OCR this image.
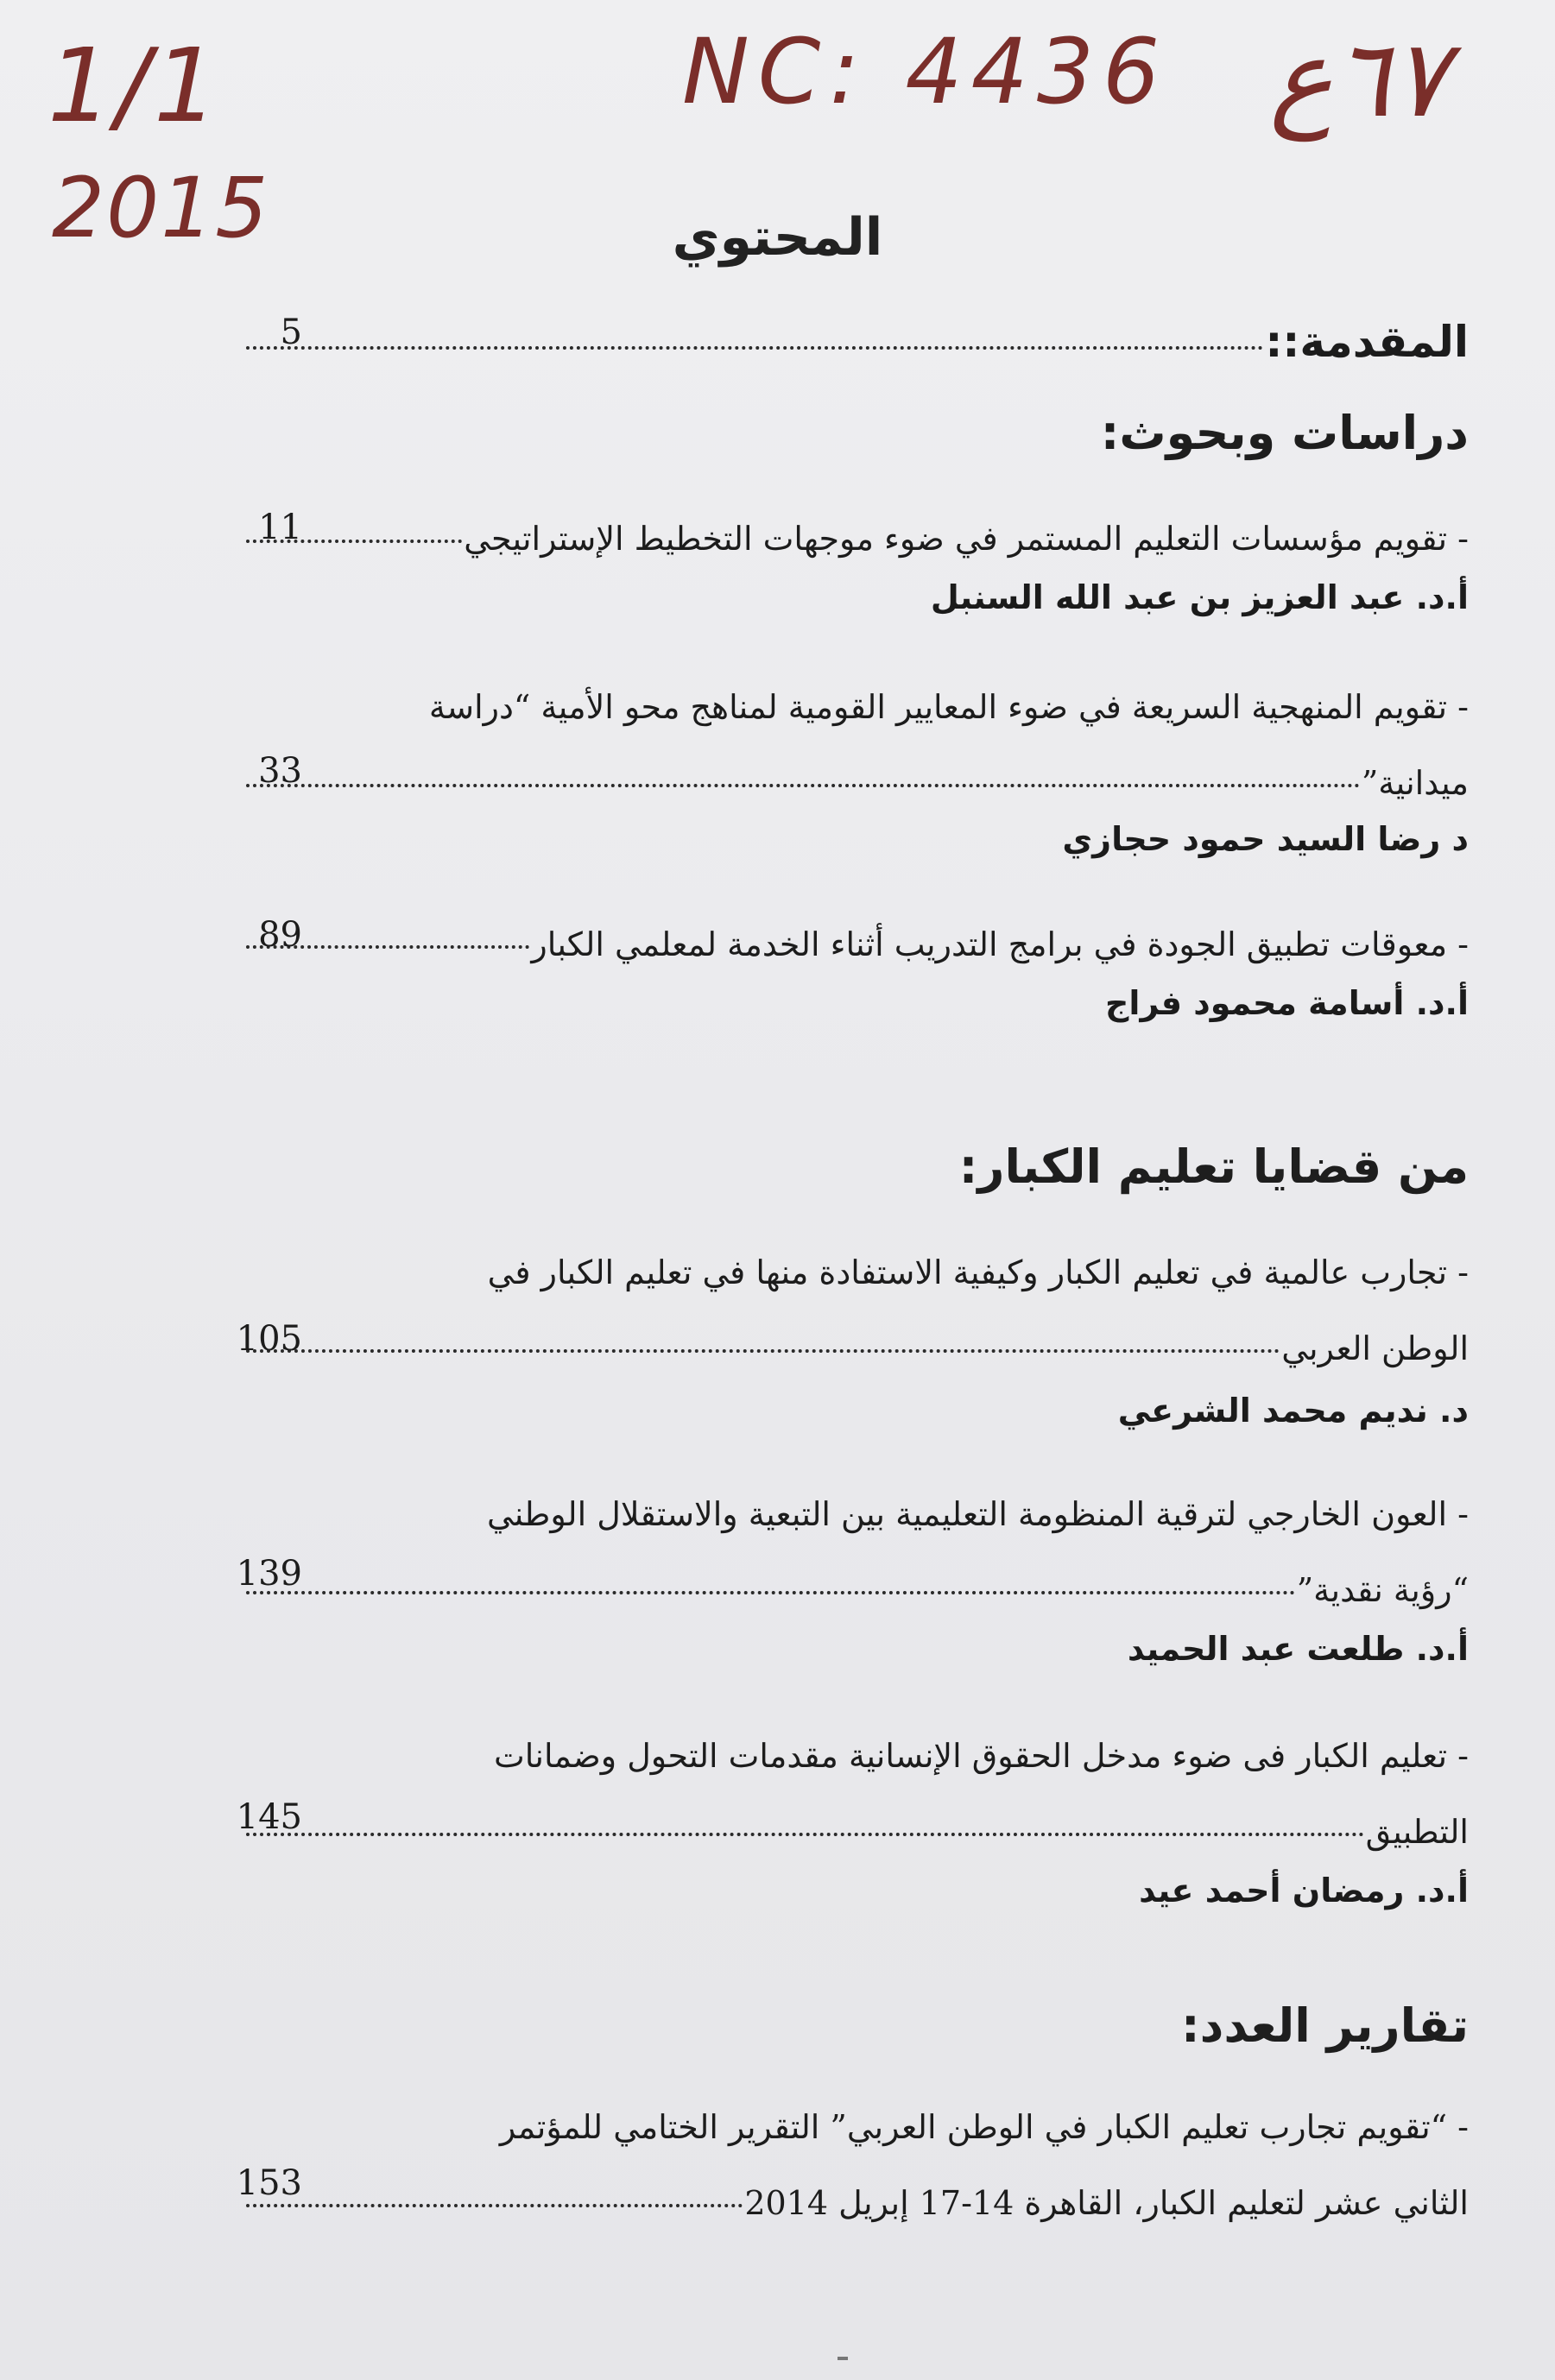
1/1
2015
NC: 4436 ٦٧ع
المحتوي
المقدمة::
5
دراسات وبحوث:
- تقويم مؤسسات التعليم المستمر في ضوء موجهات التخطيط الإستراتيجي
11
أ.د. عبد العزيز بن عبد الله السنبل
- تقويم المنهجية السريعة في ضوء المعايير القومية لمناهج محو الأمية “دراسة
ميدانية”
33
د رضا السيد حمود حجازي
- معوقات تطبيق الجودة في برامج التدريب أثناء الخدمة لمعلمي الكبار
89
أ.د. أسامة محمود فراج
من قضايا تعليم الكبار:
- تجارب عالمية في تعليم الكبار وكيفية الاستفادة منها في تعليم الكبار في
الوطن العربي
105
د. نديم محمد الشرعي
- العون الخارجي لترقية المنظومة التعليمية بين التبعية والاستقلال الوطني
“رؤية نقدية”
139
أ.د. طلعت عبد الحميد
- تعليم الكبار فى ضوء مدخل الحقوق الإنسانية مقدمات التحول وضمانات
التطبيق
145
أ.د. رمضان أحمد عيد
تقارير العدد:
- “تقويم تجارب تعليم الكبار في الوطن العربي” التقرير الختامي للمؤتمر
الثاني عشر لتعليم الكبار، القاهرة 14-17 إبريل 2014
153
